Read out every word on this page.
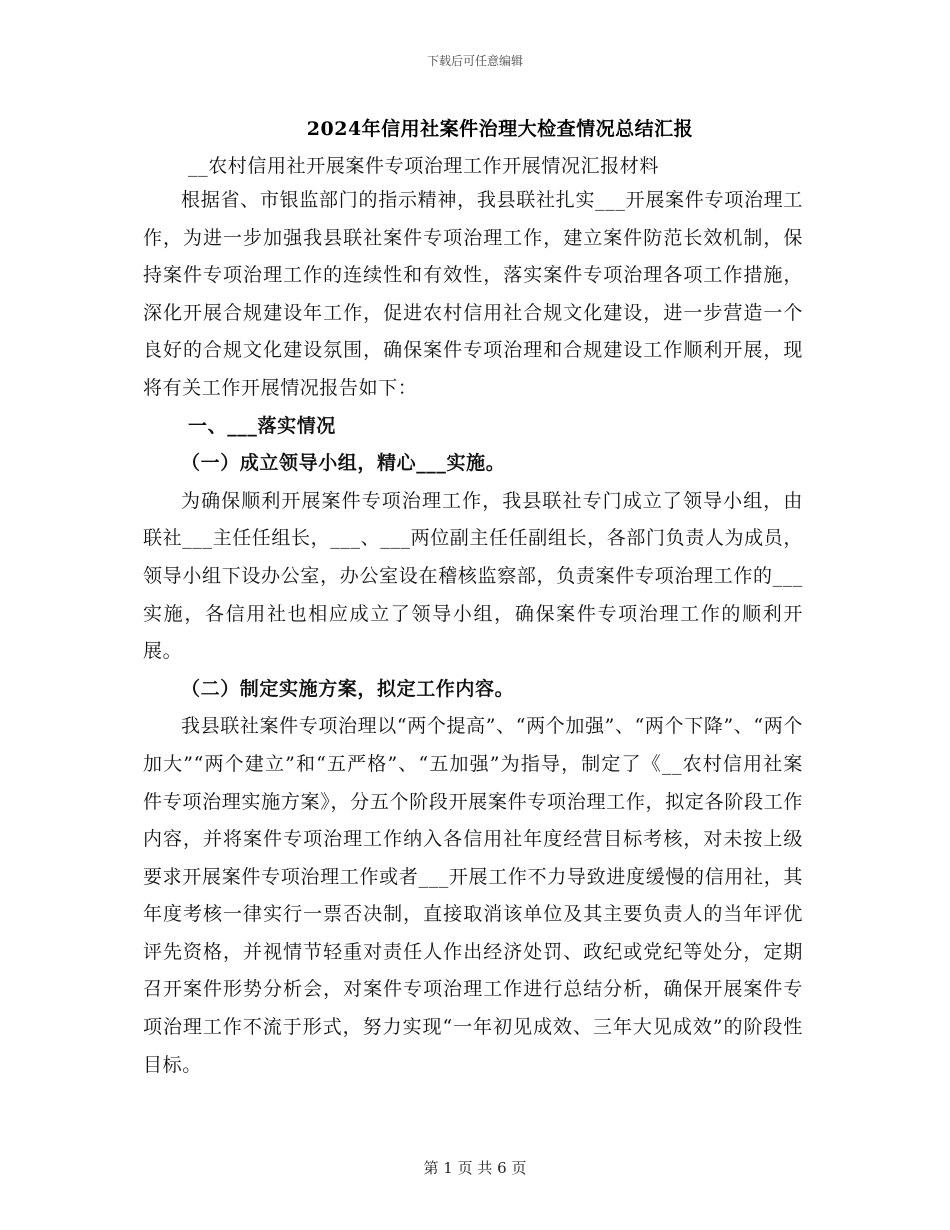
下载后可任意编辑
2024年信用社案件治理大检查情况总结汇报
__农村信用社开展案件专项治理工作开展情况汇报材料

根据省、市银监部门的指示精神，我县联社扎实___开展案件专项治理工作，为进一步加强我县联社案件专项治理工作，建立案件防范长效机制，保持案件专项治理工作的连续性和有效性，落实案件专项治理各项工作措施，深化开展合规建设年工作，促进农村信用社合规文化建设，进一步营造一个良好的合规文化建设氛围，确保案件专项治理和合规建设工作顺利开展，现将有关工作开展情况报告如下：

一、___落实情况

（一）成立领导小组，精心___实施。

为确保顺利开展案件专项治理工作，我县联社专门成立了领导小组，由联社___主任任组长，___、___两位副主任任副组长，各部门负责人为成员，领导小组下设办公室，办公室设在稽核监察部，负责案件专项治理工作的___实施，各信用社也相应成立了领导小组，确保案件专项治理工作的顺利开展。

（二）制定实施方案，拟定工作内容。

我县联社案件专项治理以“两个提高”、“两个加强”、“两个下降”、“两个加大”“两个建立”和“五严格”、“五加强”为指导，制定了《__农村信用社案件专项治理实施方案》，分五个阶段开展案件专项治理工作，拟定各阶段工作内容，并将案件专项治理工作纳入各信用社年度经营目标考核，对未按上级要求开展案件专项治理工作或者___开展工作不力导致进度缓慢的信用社，其年度考核一律实行一票否决制，直接取消该单位及其主要负责人的当年评优评先资格，并视情节轻重对责任人作出经济处罚、政纪或党纪等处分，定期召开案件形势分析会，对案件专项治理工作进行总结分析，确保开展案件专项治理工作不流于形式，努力实现“一年初见成效、三年大见成效”的阶段性目标。

第 1 页 共 6 页
